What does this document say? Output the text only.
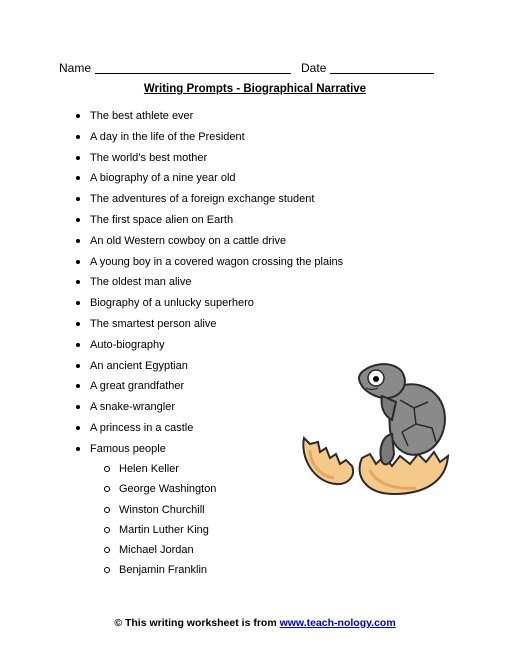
Name	Date
Writing Prompts - Biographical Narrative
The best athlete ever
A day in the life of the President
The world’s best mother
A biography of a nine year old
The adventures of a foreign exchange student
The first space alien on Earth
An old Western cowboy on a cattle drive
A young boy in a covered wagon crossing the plains
The oldest man alive
Biography of a unlucky superhero
The smartest person alive
Auto-biography
An ancient Egyptian
A great grandfather
A snake-wrangler
A princess in a castle
Famous people
Helen Keller
George Washington
Winston Churchill
Martin Luther King
Michael Jordan
Benjamin Franklin
© This writing worksheet is from www.teach-nology.com
